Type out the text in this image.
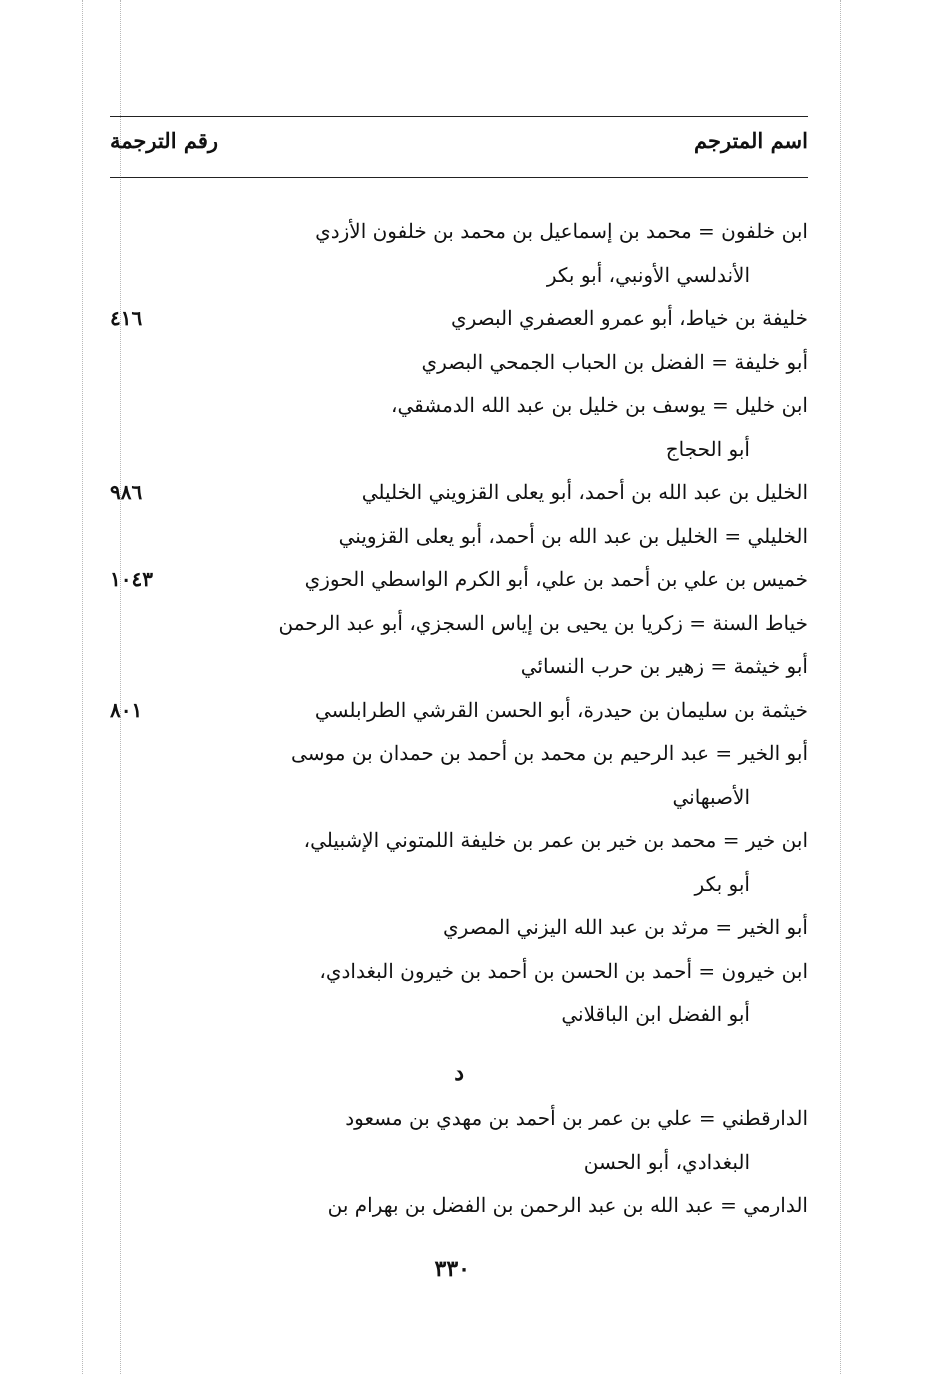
اسم المترجم
رقم الترجمة
ابن خلفون = محمد بن إسماعيل بن محمد بن خلفون الأزدي
الأندلسي الأونبي، أبو بكر
خليفة بن خياط، أبو عمرو العصفري البصري
٤١٦
أبو خليفة = الفضل بن الحباب الجمحي البصري
ابن خليل = يوسف بن خليل بن عبد الله الدمشقي،
أبو الحجاج
الخليل بن عبد الله بن أحمد، أبو يعلى القزويني الخليلي
٩٨٦
الخليلي = الخليل بن عبد الله بن أحمد، أبو يعلى القزويني
خميس بن علي بن أحمد بن علي، أبو الكرم الواسطي الحوزي
١٠٤٣
خياط السنة = زكريا بن يحيى بن إياس السجزي، أبو عبد الرحمن
أبو خيثمة = زهير بن حرب النسائي
خيثمة بن سليمان بن حيدرة، أبو الحسن القرشي الطرابلسي
٨٠١
أبو الخير = عبد الرحيم بن محمد بن أحمد بن حمدان بن موسى
الأصبهاني
ابن خير = محمد بن خير بن عمر بن خليفة اللمتوني الإشبيلي،
أبو بكر
أبو الخير = مرثد بن عبد الله اليزني المصري
ابن خيرون = أحمد بن الحسن بن أحمد بن خيرون البغدادي،
أبو الفضل ابن الباقلاني
د
الدارقطني = علي بن عمر بن أحمد بن مهدي بن مسعود
البغدادي، أبو الحسن
الدارمي = عبد الله بن عبد الرحمن بن الفضل بن بهرام بن
٣٣٠
